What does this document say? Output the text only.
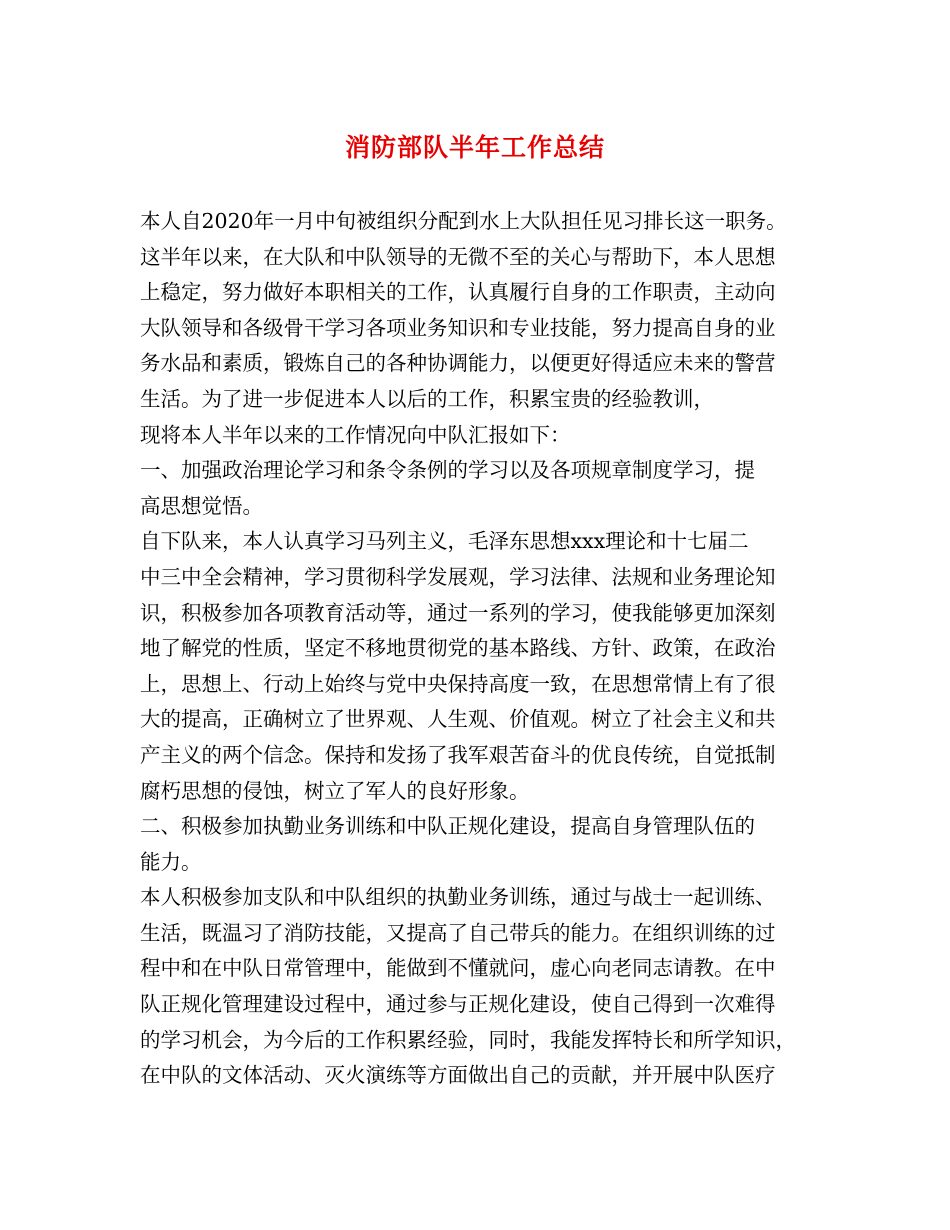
消防部队半年工作总结
本人自2020年一月中旬被组织分配到水上大队担任见习排长这一职务。
这半年以来，在大队和中队领导的无微不至的关心与帮助下，本人思想
上稳定，努力做好本职相关的工作，认真履行自身的工作职责，主动向
大队领导和各级骨干学习各项业务知识和专业技能，努力提高自身的业
务水品和素质，锻炼自己的各种协调能力，以便更好得适应未来的警营
生活。为了进一步促进本人以后的工作，积累宝贵的经验教训，
现将本人半年以来的工作情况向中队汇报如下：
一、加强政治理论学习和条令条例的学习以及各项规章制度学习，提
高思想觉悟。
自下队来，本人认真学习马列主义，毛泽东思想xxx理论和十七届二
中三中全会精神，学习贯彻科学发展观，学习法律、法规和业务理论知
识，积极参加各项教育活动等，通过一系列的学习，使我能够更加深刻
地了解党的性质，坚定不移地贯彻党的基本路线、方针、政策，在政治
上，思想上、行动上始终与党中央保持高度一致，在思想常情上有了很
大的提高，正确树立了世界观、人生观、价值观。树立了社会主义和共
产主义的两个信念。保持和发扬了我军艰苦奋斗的优良传统，自觉抵制
腐朽思想的侵蚀，树立了军人的良好形象。
二、积极参加执勤业务训练和中队正规化建设，提高自身管理队伍的
能力。
本人积极参加支队和中队组织的执勤业务训练，通过与战士一起训练、
生活，既温习了消防技能，又提高了自己带兵的能力。在组织训练的过
程中和在中队日常管理中，能做到不懂就问，虚心向老同志请教。在中
队正规化管理建设过程中，通过参与正规化建设，使自己得到一次难得
的学习机会，为今后的工作积累经验，同时，我能发挥特长和所学知识，
在中队的文体活动、灭火演练等方面做出自己的贡献，并开展中队医疗
